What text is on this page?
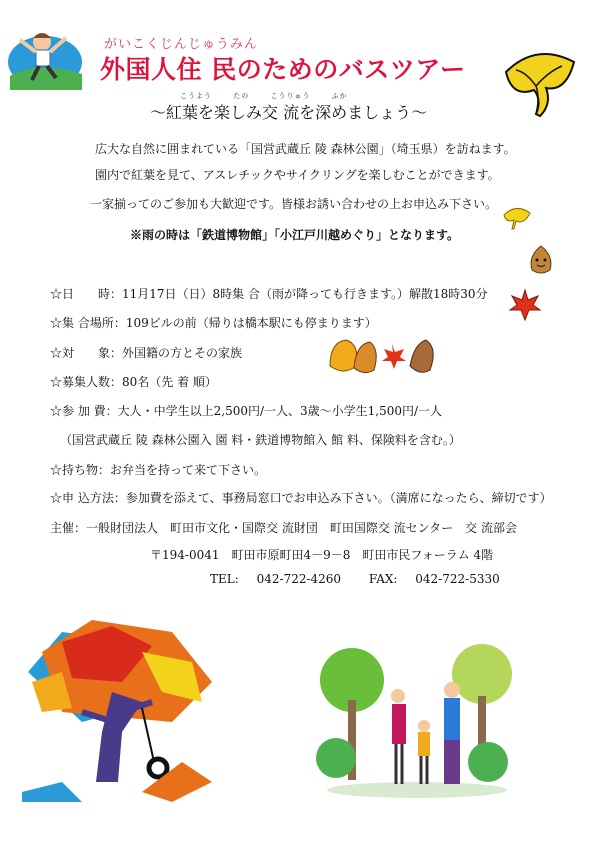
がいこくじんじゅうみん
外国人住 民のためのバスツアー
こうよう たの こうりゅう ふか
～紅葉を楽しみ交 流を深めましょう～
広大な自然に囲まれている「国営武蔵丘 陵 森林公園」（埼玉県）を訪ねます。
園内で紅葉を見て、アスレチックやサイクリングを楽しむことができます。
一家揃ってのご参加も大歓迎です。皆様お誘い合わせの上お申込み下さい。
※雨の時は「鉄道博物館」「小江戸川越めぐり」となります。
☆日　　時：11月17日（日）8時集 合（雨が降っても行きます。）解散18時30分
☆集 合場所：109ビルの前（帰りは橋本駅にも停まります）
☆対　　象：外国籍の方とその家族
☆募集人数：80名（先 着 順）
☆参 加 費：大人・中学生以上2,500円/一人、3歳～小学生1,500円/一人
（国営武蔵丘 陵 森林公園入 園 料・鉄道博物館入 館 料、保険料を含む。）
☆持ち物：お弁当を持って来て下さい。
☆申 込方法：参加費を添えて、事務局窓口でお申込み下さい。（満席になったら、締切です）
主催：一般財団法人　町田市文化・国際交 流財団　町田国際交 流センター　交 流部会
〒194-0041　町田市原町田4－9－8　町田市民フォーラム 4階
TEL: 042-722-4260 FAX: 042-722-5330
